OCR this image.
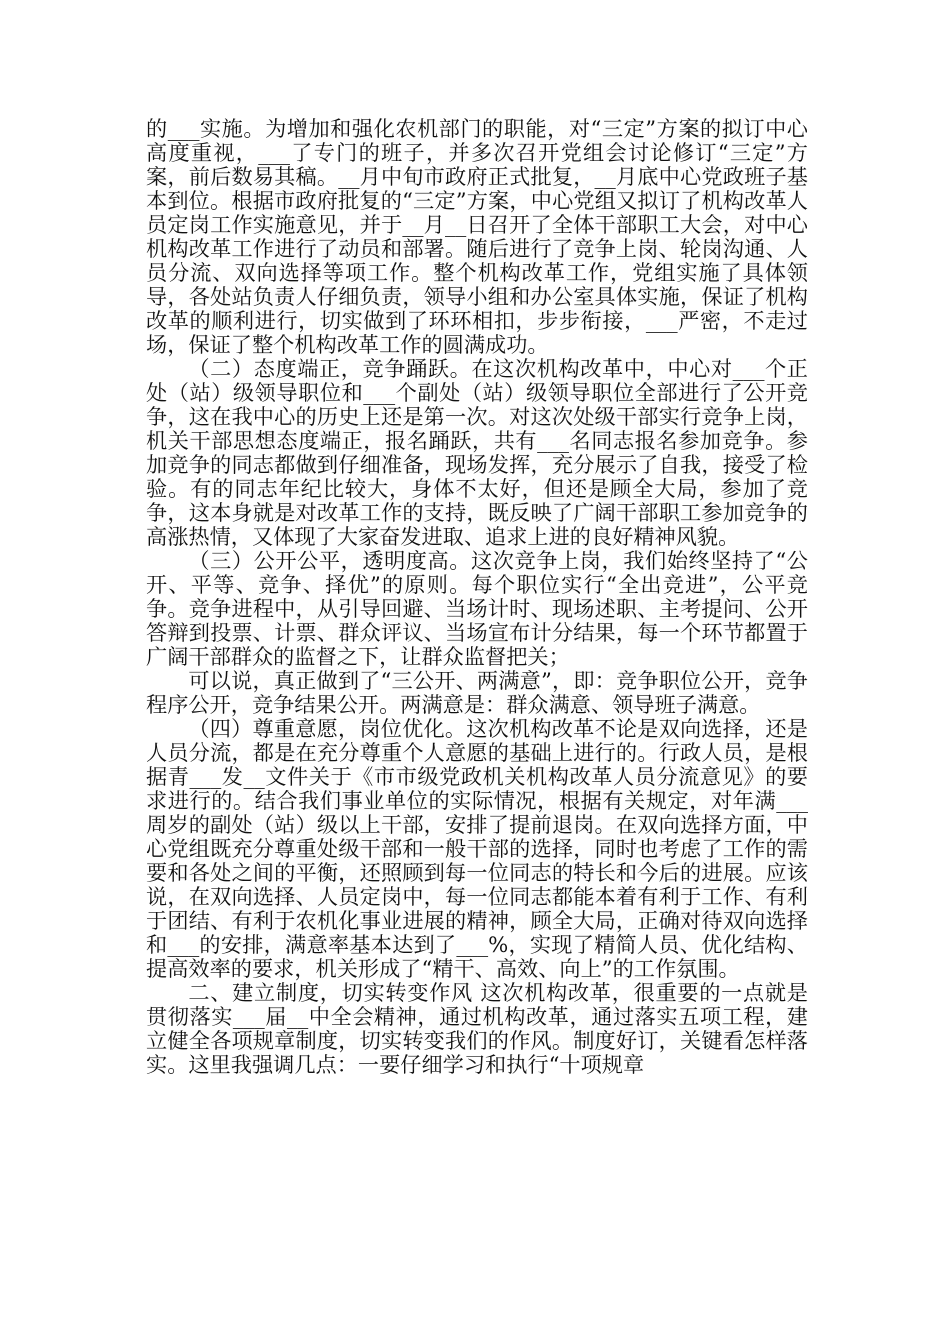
的___实施。为增加和强化农机部门的职能，对“三定”方案的拟订中心高度重视，___了专门的班子，并多次召开党组会讨论修订“三定”方案，前后数易其稿。__月中旬市政府正式批复，__月底中心党政班子基本到位。根据市政府批复的“三定”方案，中心党组又拟订了机构改革人员定岗工作实施意见，并于__月__日召开了全体干部职工大会，对中心机构改革工作进行了动员和部署。随后进行了竞争上岗、轮岗沟通、人员分流、双向选择等项工作。整个机构改革工作，党组实施了具体领导，各处站负责人仔细负责，领导小组和办公室具体实施，保证了机构改革的顺利进行，切实做到了环环相扣，步步衔接，___严密，不走过场，保证了整个机构改革工作的圆满成功。

（二）态度端正，竞争踊跃。在这次机构改革中，中心对___个正处（站）级领导职位和___个副处（站）级领导职位全部进行了公开竞争，这在我中心的历史上还是第一次。对这次处级干部实行竞争上岗，机关干部思想态度端正，报名踊跃，共有___名同志报名参加竞争。参加竞争的同志都做到仔细准备，现场发挥，充分展示了自我，接受了检验。有的同志年纪比较大，身体不太好，但还是顾全大局，参加了竞争，这本身就是对改革工作的支持，既反映了广阔干部职工参加竞争的高涨热情，又体现了大家奋发进取、追求上进的良好精神风貌。

（三）公开公平，透明度高。这次竞争上岗，我们始终坚持了“公开、平等、竞争、择优”的原则。每个职位实行“全出竞进”，公平竞争。竞争进程中，从引导回避、当场计时、现场述职、主考提问、公开答辩到投票、计票、群众评议、当场宣布计分结果，每一个环节都置于广阔干部群众的监督之下，让群众监督把关；

可以说，真正做到了“三公开、两满意”，即：竞争职位公开，竞争程序公开，竞争结果公开。两满意是：群众满意、领导班子满意。

（四）尊重意愿，岗位优化。这次机构改革不论是双向选择，还是人员分流，都是在充分尊重个人意愿的基础上进行的。行政人员，是根据青___发__文件关于《市市级党政机关机构改革人员分流意见》的要求进行的。结合我们事业单位的实际情况，根据有关规定，对年满___周岁的副处（站）级以上干部，安排了提前退岗。在双向选择方面，中心党组既充分尊重处级干部和一般干部的选择，同时也考虑了工作的需要和各处之间的平衡，还照顾到每一位同志的特长和今后的进展。应该说，在双向选择、人员定岗中，每一位同志都能本着有利于工作、有利于团结、有利于农机化事业进展的精神，顾全大局，正确对待双向选择和___的安排，满意率基本达到了___%，实现了精简人员、优化结构、提高效率的要求，机关形成了“精干、高效、向上”的工作氛围。

二、建立制度，切实转变作风 这次机构改革，很重要的一点就是贯彻落实___届__中全会精神，通过机构改革，通过落实五项工程，建立健全各项规章制度，切实转变我们的作风。制度好订，关键看怎样落实。这里我强调几点：一要仔细学习和执行“十项规章
